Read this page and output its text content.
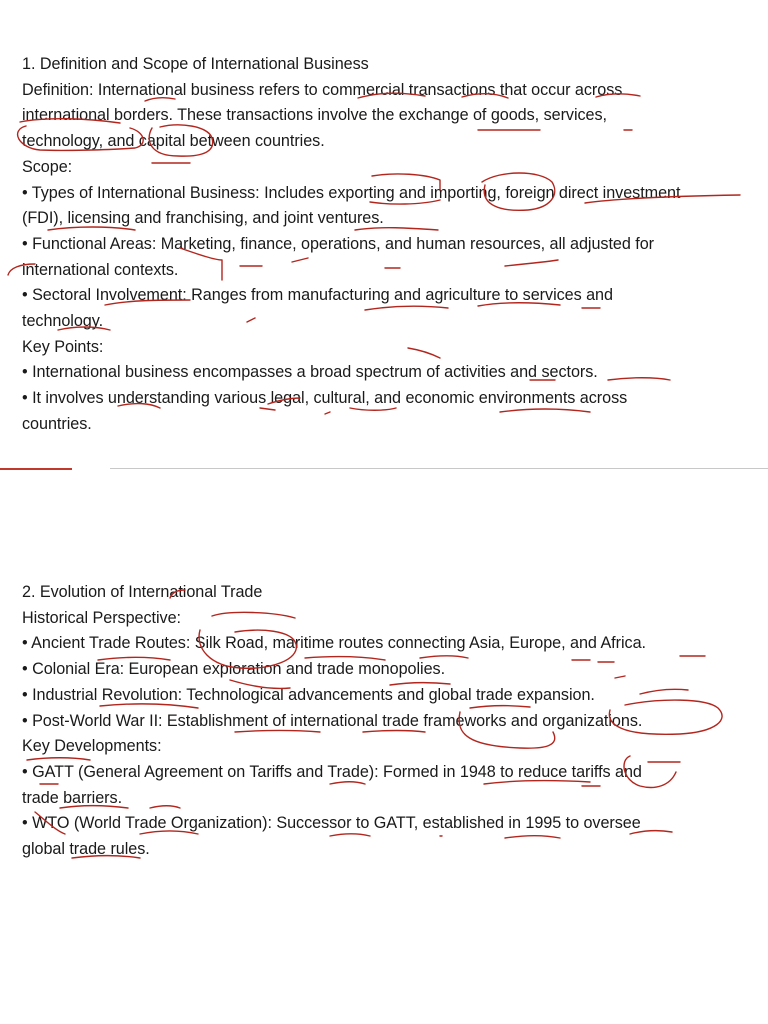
1. Definition and Scope of International Business
Definition: International business refers to commercial transactions that occur across
international borders. These transactions involve the exchange of goods, services,
technology, and capital between countries.
Scope:
• Types of International Business: Includes exporting and importing, foreign direct investment
(FDI), licensing and franchising, and joint ventures.
• Functional Areas: Marketing, finance, operations, and human resources, all adjusted for
international contexts.
• Sectoral Involvement: Ranges from manufacturing and agriculture to services and
technology.
Key Points:
• International business encompasses a broad spectrum of activities and sectors.
• It involves understanding various legal, cultural, and economic environments across
countries.
2. Evolution of International Trade
Historical Perspective:
• Ancient Trade Routes: Silk Road, maritime routes connecting Asia, Europe, and Africa.
• Colonial Era: European exploration and trade monopolies.
• Industrial Revolution: Technological advancements and global trade expansion.
• Post-World War II: Establishment of international trade frameworks and organizations.
Key Developments:
• GATT (General Agreement on Tariffs and Trade): Formed in 1948 to reduce tariffs and
trade barriers.
• WTO (World Trade Organization): Successor to GATT, established in 1995 to oversee
global trade rules.
